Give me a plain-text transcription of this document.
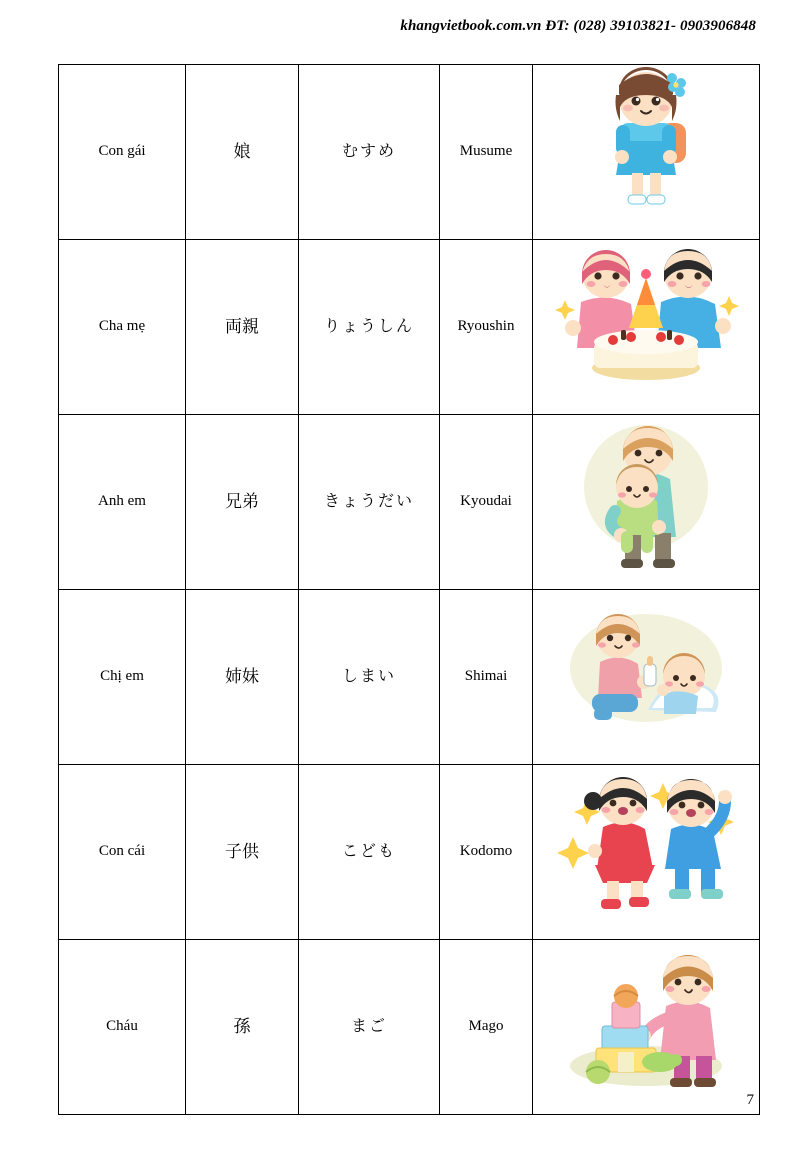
khangvietbook.com.vn ĐT: (028) 39103821- 0903906848
Con gái	娘	むすめ	Musume

Cha mẹ	両親	りょうしん	Ryoushin

Anh em	兄弟	きょうだい	Kyoudai

Chị em	姉妹	しまい	Shimai

Con cái	子供	こども	Kodomo

Cháu	孫	まご	Mago

7
